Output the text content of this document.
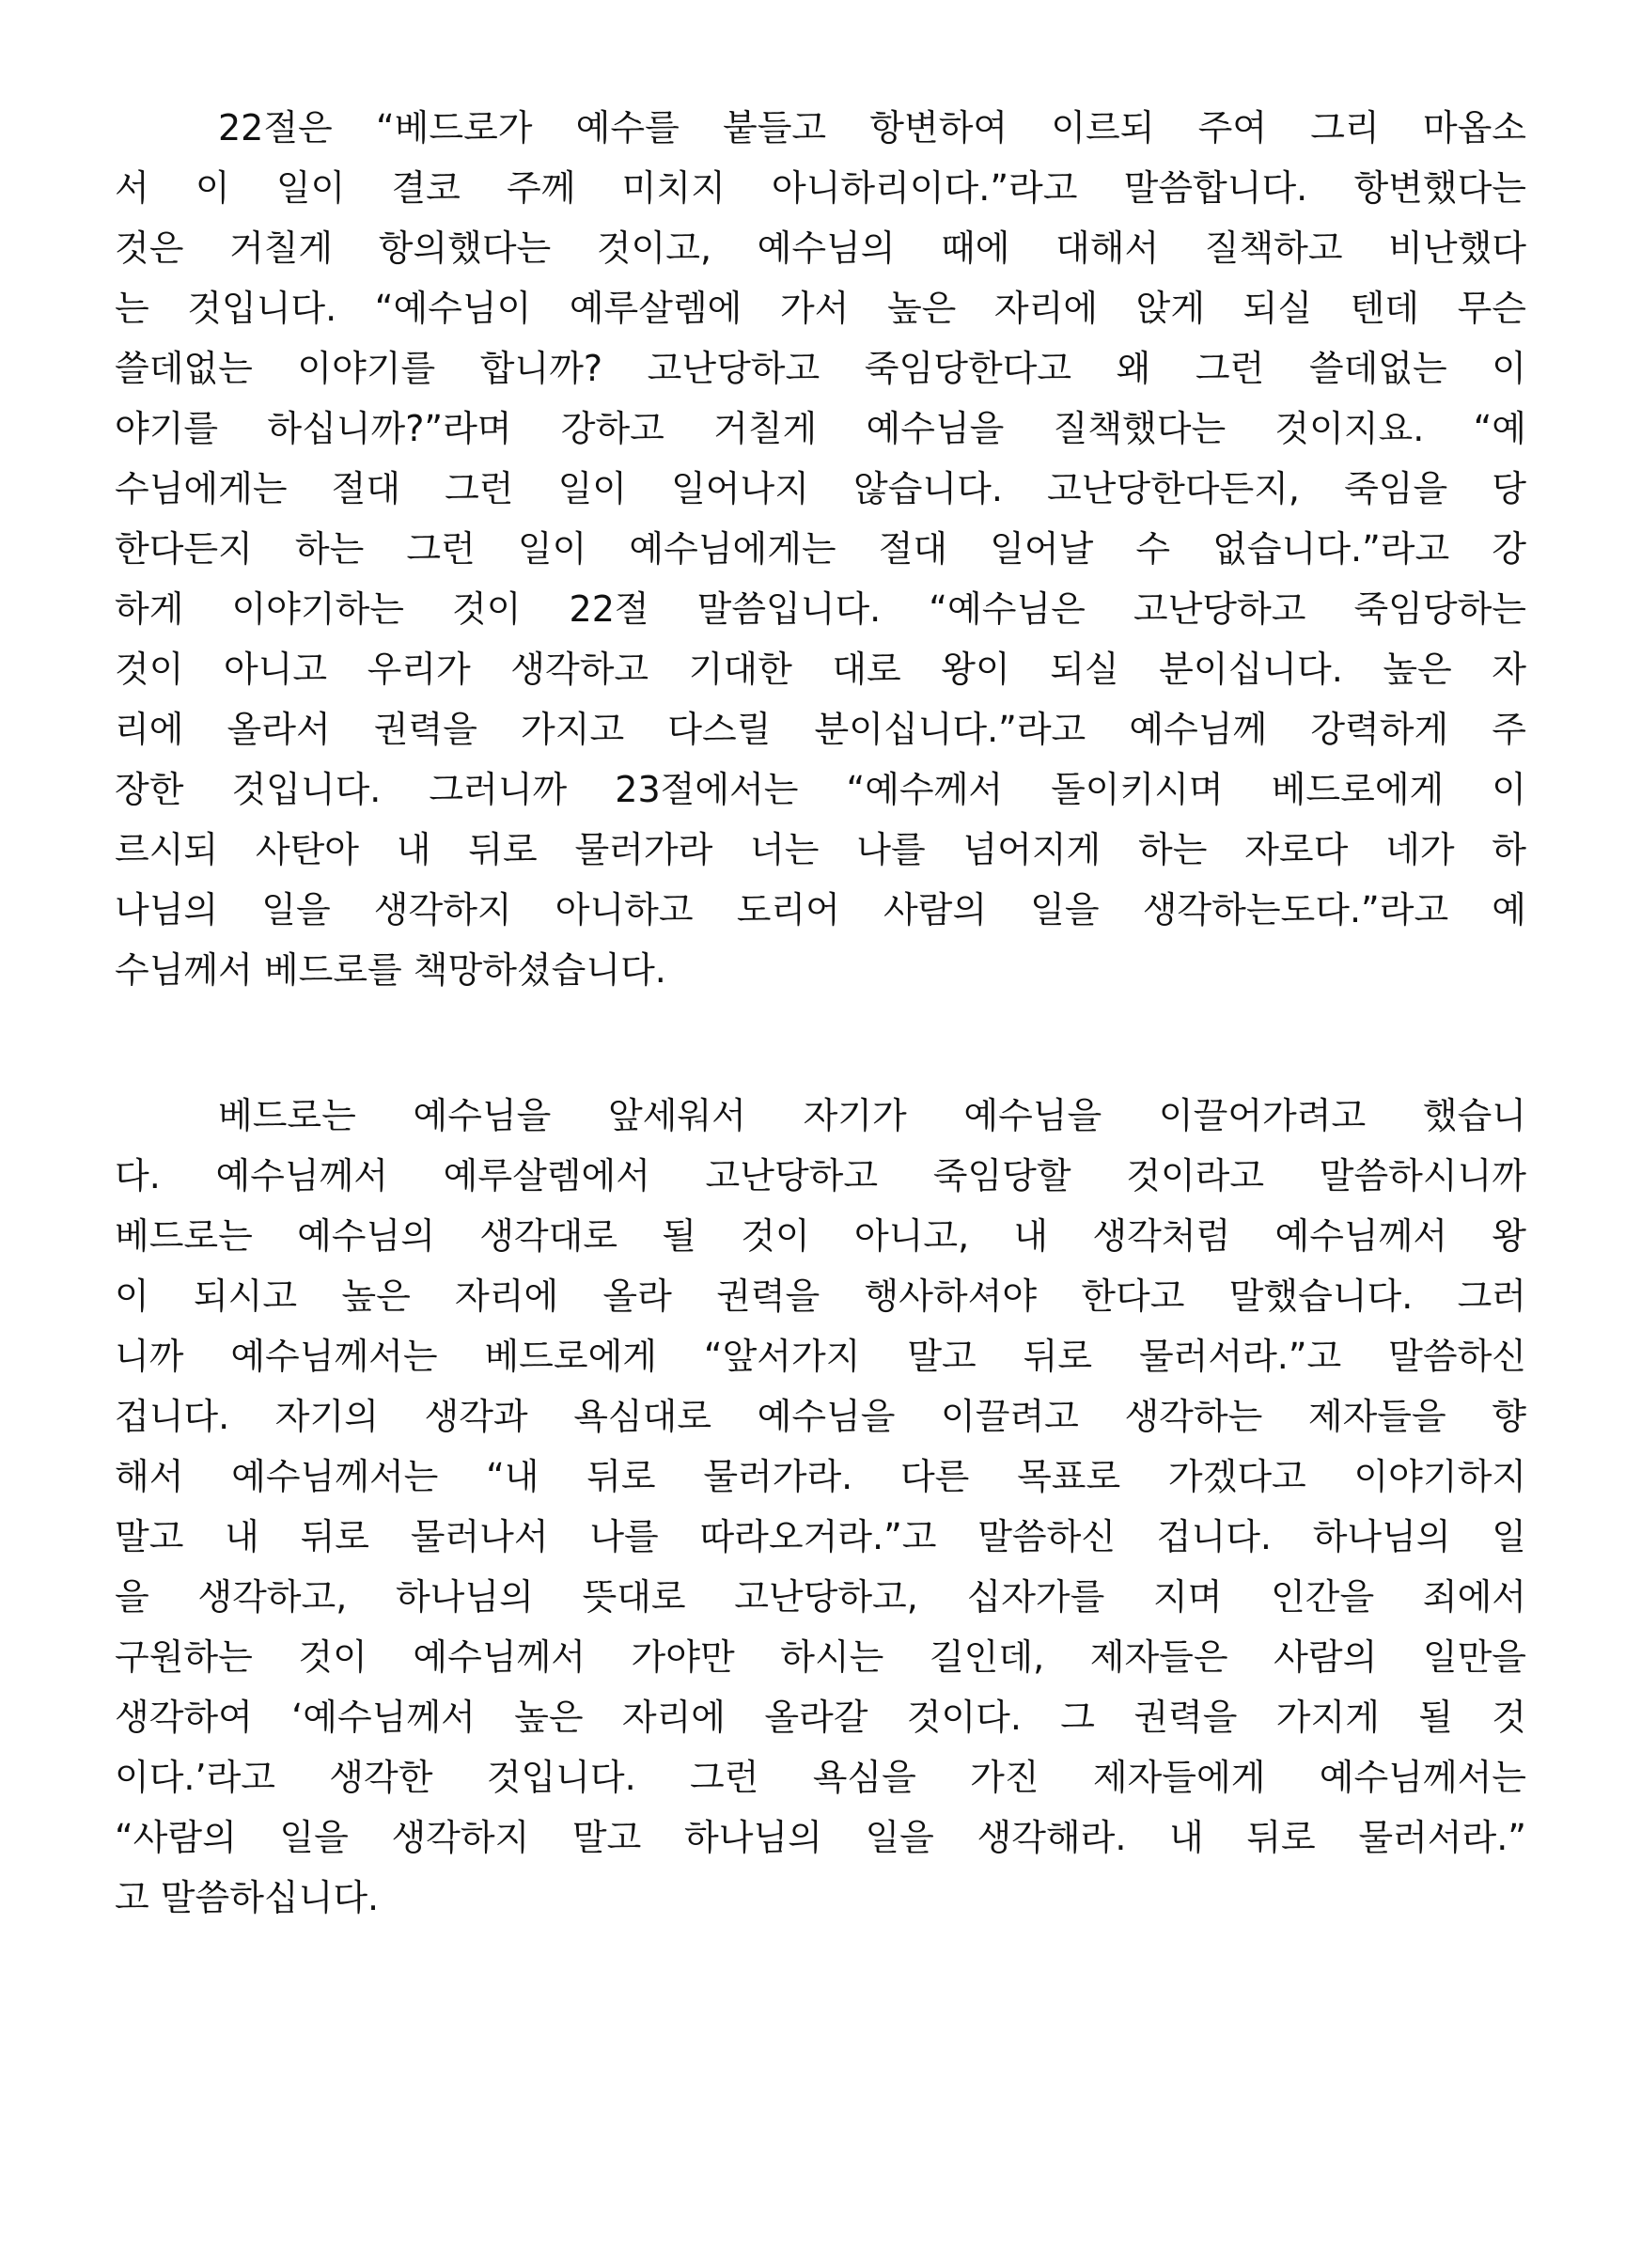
22절은 “베드로가 예수를 붙들고 항변하여 이르되 주여 그리 마옵소
서 이 일이 결코 주께 미치지 아니하리이다.”라고 말씀합니다. 항변했다는
것은 거칠게 항의했다는 것이고, 예수님의 때에 대해서 질책하고 비난했다
는 것입니다. “예수님이 예루살렘에 가서 높은 자리에 앉게 되실 텐데 무슨
쓸데없는 이야기를 합니까? 고난당하고 죽임당한다고 왜 그런 쓸데없는 이
야기를 하십니까?”라며 강하고 거칠게 예수님을 질책했다는 것이지요. “예
수님에게는 절대 그런 일이 일어나지 않습니다. 고난당한다든지, 죽임을 당
한다든지 하는 그런 일이 예수님에게는 절대 일어날 수 없습니다.”라고 강
하게 이야기하는 것이 22절 말씀입니다. “예수님은 고난당하고 죽임당하는
것이 아니고 우리가 생각하고 기대한 대로 왕이 되실 분이십니다. 높은 자
리에 올라서 권력을 가지고 다스릴 분이십니다.”라고 예수님께 강력하게 주
장한 것입니다. 그러니까 23절에서는 “예수께서 돌이키시며 베드로에게 이
르시되 사탄아 내 뒤로 물러가라 너는 나를 넘어지게 하는 자로다 네가 하
나님의 일을 생각하지 아니하고 도리어 사람의 일을 생각하는도다.”라고 예
수님께서 베드로를 책망하셨습니다.
베드로는 예수님을 앞세워서 자기가 예수님을 이끌어가려고 했습니
다. 예수님께서 예루살렘에서 고난당하고 죽임당할 것이라고 말씀하시니까
베드로는 예수님의 생각대로 될 것이 아니고, 내 생각처럼 예수님께서 왕
이 되시고 높은 자리에 올라 권력을 행사하셔야 한다고 말했습니다. 그러
니까 예수님께서는 베드로에게 “앞서가지 말고 뒤로 물러서라.”고 말씀하신
겁니다. 자기의 생각과 욕심대로 예수님을 이끌려고 생각하는 제자들을 향
해서 예수님께서는 “내 뒤로 물러가라. 다른 목표로 가겠다고 이야기하지
말고 내 뒤로 물러나서 나를 따라오거라.”고 말씀하신 겁니다. 하나님의 일
을 생각하고, 하나님의 뜻대로 고난당하고, 십자가를 지며 인간을 죄에서
구원하는 것이 예수님께서 가야만 하시는 길인데, 제자들은 사람의 일만을
생각하여 ‘예수님께서 높은 자리에 올라갈 것이다. 그 권력을 가지게 될 것
이다.’라고 생각한 것입니다. 그런 욕심을 가진 제자들에게 예수님께서는
“사람의 일을 생각하지 말고 하나님의 일을 생각해라. 내 뒤로 물러서라.”
고 말씀하십니다.
